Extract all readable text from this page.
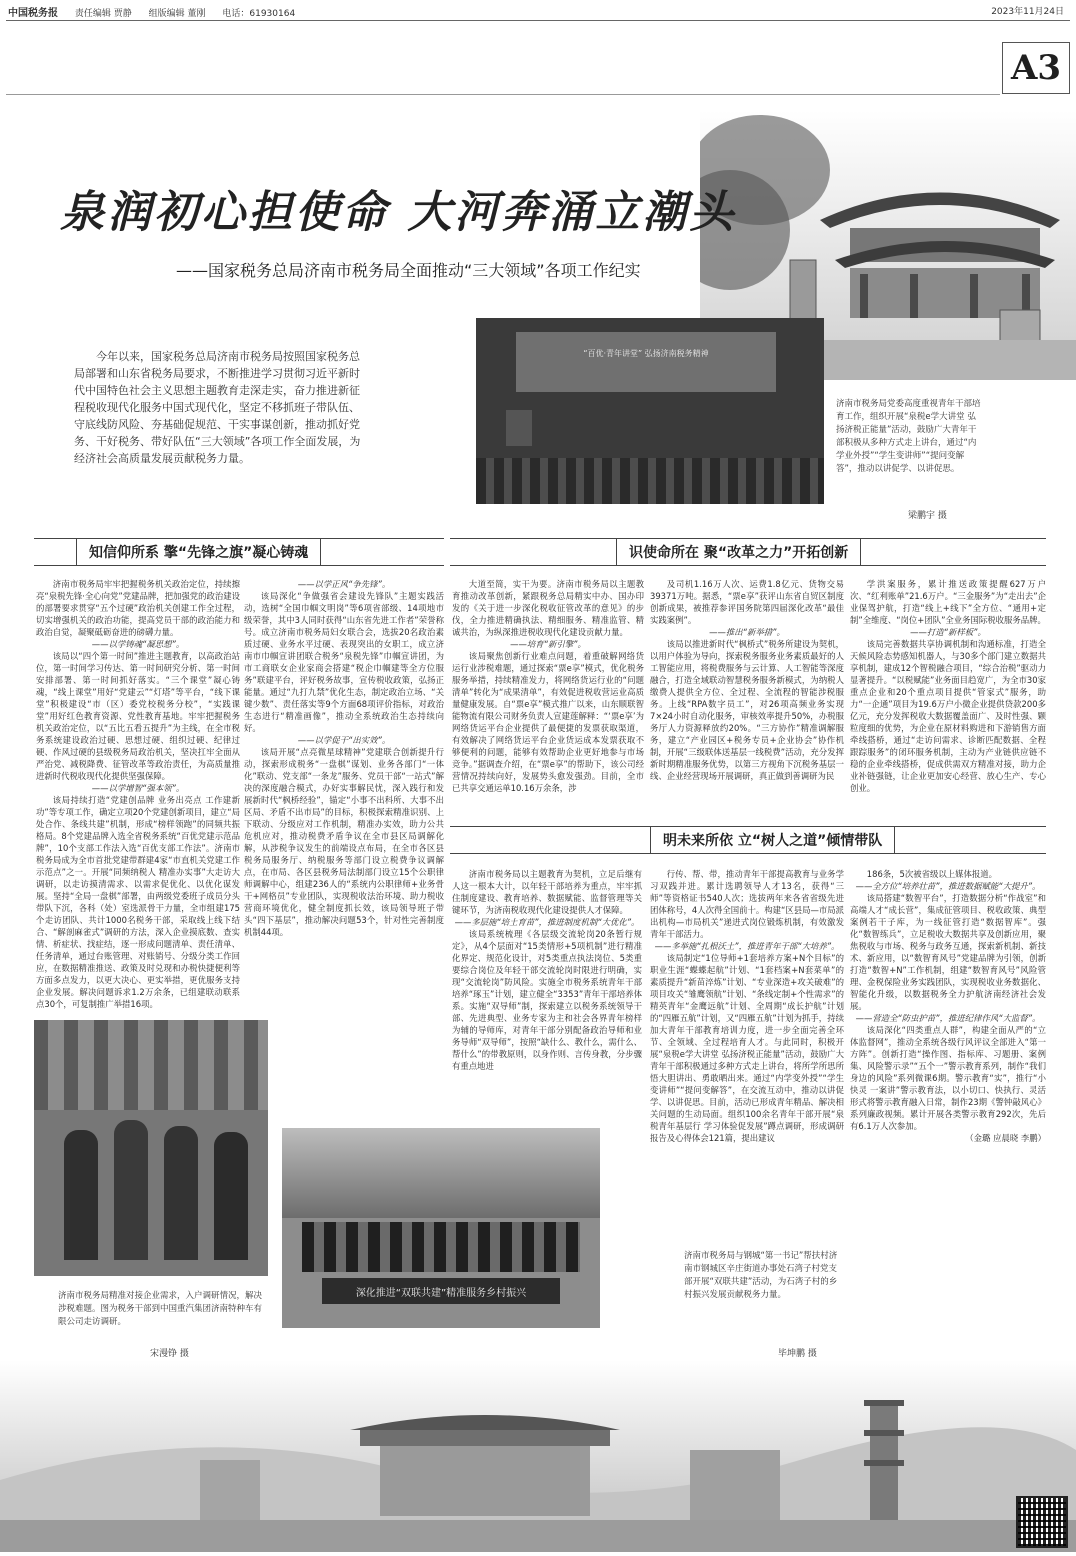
中国税务报 责任编辑 贾静 组版编辑 董刚 电话：61930164	2023年11月24日
A3
泉润初心担使命 大河奔涌立潮头
——国家税务总局济南市税务局全面推动“三大领域”各项工作纪实
今年以来，国家税务总局济南市税务局按照国家税务总局部署和山东省税务局要求，不断推进学习贯彻习近平新时代中国特色社会主义思想主题教育走深走实，奋力推进新征程税收现代化服务中国式现代化，坚定不移抓班子带队伍、守底线防风险、夯基础促规范、干实事谋创新，推动抓好党务、干好税务、带好队伍“三大领域”各项工作全面发展，为经济社会高质量发展贡献税务力量。
“百优·青年讲堂” 弘扬济南税务精神
济南市税务局党委高度重视青年干部培育工作，组织开展“泉税e学大讲堂 弘扬济税正能量”活动，鼓励广大青年干部积极从多种方式走上讲台，通过“内学业外授”“学生变讲师”“提问变解答”，推动以讲促学、以讲促思。
梁鹏宇 摄
知信仰所系 擎“先锋之旗”凝心铸魂	识使命所在 聚“改革之力”开拓创新
明未来所依 立“树人之道”倾情带队

济南市税务局牢牢把握税务机关政治定位，持续擦亮“泉税先锋·全心向党”党建品牌，把加强党的政治建设的部署要求贯穿“五个过硬”政治机关创建工作全过程，切实增强机关的政治功能，提高党员干部的政治能力和政治自觉，凝聚砥砺奋进的磅礴力量。

——以学铸魂“凝思想”。

该局以“四个第一时间”推进主题教育，以高政治站位，第一时间学习传达、第一时间研究分析、第一时间安排部署、第一时间抓好落实。“三个课堂”凝心铸魂，“线上课堂”用好“党建云”“灯塔”等平台，“线下课堂”积极建设“市（区）委党校税务分校”，“实践课堂”用好红色教育资源、党性教育基地。牢牢把握税务机关政治定位，以“五比五看五提升”为主线，在全市税务系统建设政治过硬、思想过硬、组织过硬、纪律过硬、作风过硬的县级税务局政治机关，坚决扛牢全面从严治党、减税降费、征管改革等政治责任，为高质量推进新时代税收现代化提供坚强保障。

——以学增智“强本领”。

该局持续打造“党建创品牌 业务出亮点 工作建新功”等专项工作，确定立项20个党建创新项目，建立“局处合作、条线共建”机制，形成“榜样领跑”的同频共振格局。8个党建品牌入选全省税务系统“百优党建示范品牌”，10个支部工作法入选“百优支部工作法”。济南市税务局成为全市首批党建带群建4家“市直机关党建工作示范点”之一。开展“同频纳税人 精准办实事”大走访大调研，以走访摸清需求、以需求促优化、以优化谋发展。坚持“全局一盘棋”部署，由两级党委班子成员分头带队下沉，各科（处）室选派骨干力量，全市组建175个走访团队、共计1000名税务干部，采取线上线下结合、“解剖麻雀式”调研的方法，深入企业摸底数、查实情、析症状、找症结，逐一形成问题清单、责任清单、任务清单，通过台账管理、对账销号、分级分类工作回应，在数据精准推送、政策及时兑现和办税快捷便利等方面多点发力，以更大决心、更实举措，更优服务支持企业发展。解决问题诉求1.2万余条，已组建联动联系点30个，可复制推广举措16项。

——以学正风“争先锋”。

该局深化“争做强省会建设先锋队”主题实践活动，选树“全国巾帼文明岗”等6项省部级、14项地市级荣誉，其中3人同时获得“山东省先进工作者”荣誉称号。成立济南市税务局妇女联合会，选拔20名政治素质过硬、业务水平过硬、表现突出的女职工，成立济南市巾帼宣讲团联合税务“泉税先锋”巾帼宣讲团，为市工商联女企业家商会搭建“税企巾帼建等全方位服务”联建平台，评好税务故事，宣传税收政策，弘扬正能量。通过“九打九禁”优化生态，制定政治立场、“关键少数”、责任落实等9个方面68项评价指标，对政治生态进行“精准画像”，推动全系统政治生态持续向好。

——以学促干“出实效”。

该局开展“点亮微星球精神”党建联合创新提升行动，探索形成税务“一盘棋”谋划、业务各部门“一体化”联动、党支部“一条龙”服务、党员干部“一站式”解决的深度融合模式，办好实事解民忧，深入践行和发展新时代“枫桥经验”，锚定“小事不出科所、大事不出区局、矛盾不出市局”的目标，积极探索精准识别、上下联动、分级应对工作机制，精准办实效，助力公共危机应对，推动税费矛盾争议在全市县区局调解化解，从涉税争议发生的前端设点布局，在全市各区县税务局服务厅、纳税服务等部门设立税费争议调解点，在市局、各区县税务局法制部门设立15个公职律师调解中心，组建236人的“系统内公职律师+业务骨干+网格员”专业团队，实现税收法治环境、助力税收营商环境优化，健全制度抓长效，该局领导班子带头“四下基层”，推动解决问题53个，针对性完善制度机制44项。

大道至简，实干为要。济南市税务局以主题教育推动改革创新，紧跟税务总局精实中办、国办印发的《关于进一步深化税收征管改革的意见》的步伐，全力推进精确执法、精细服务、精准监管、精诚共治，为纵深推进税收现代化建设贡献力量。

——培育“新引擎”。

该局聚焦创新行业难点问题，着重破解网络货运行业涉税难题，通过探索“票e享”模式，优化税务服务举措，持续精准发力，将网络货运行业的“问题清单”转化为“成果清单”，有效促进税收营运业高质量健康发展。自“票e享”模式推广以来，山东顺联智能物流有限公司财务负责人宣建莲解释：“‘票e享’为网络货运平台企业提供了最便捷的发票获取渠道，有效解决了网络货运平台企业货运成本发票获取不够便利的问题，能够有效帮助企业更好地参与市场竞争。”据调查介绍，在“票e享”的帮助下，该公司经营情况持续向好，发展势头愈发强劲。目前，全市已共享交通运单10.16万余条，涉

及司机1.16万人次、运费1.8亿元、货物交易39371万吨。据悉，“票e享”获评山东省自贸区制度创新成果，被推荐参评国务院第四届深化改革“最佳实践案例”。

——推出“新举措”。

该局以推进新时代“枫桥式”税务所建设为契机，以用户体验为导向，探索税务服务业务素质最好的人工智能应用，将税费服务与云计算、人工智能等深度融合，打造全域联动智慧税务服务新模式，为纳税人缴费人提供全方位、全过程、全流程的智能涉税服务。上线“RPA数字员工”，对26项高频业务实现7×24小时自动化服务，审核效率提升50%，办税服务厅人力资源释放约20%。“三方协作”精准调解服务，建立“产业园区+税务专员+企业协会”协作机制，开展“三级联体送基层一线税费”活动，充分发挥新时期精准服务优势，以第三方视角下沉税务基层一线、企业经营现场开展调研，真正做到善调研为民

学洪案服务，累计推送政策提醒627万户次、“红利账单”21.6万户。“三金服务”为“走出去”企业保驾护航，打造“线上+线下”全方位、“通用+定制”全维度、“岗位+团队”全业务国际税收服务品牌。

——打造“新样板”。

该局完善数据共享协调机制和沟通标准，打造全天候风险态势感知机器人，与30多个部门建立数据共享机制，建成12个智税融合项目，“综合治税”驱动力显著提升。“以税赋能”业务面目趋宽广，为全市30家重点企业和20个重点项目提供“管家式”服务，助力“一企通”项目为19.6万户小微企业提供贷款200多亿元，充分发挥税收大数据覆盖面广、及时性强、颗粒度细的优势，为企业在原材料购进和下游销售方面牵线搭桥，通过“走访问需求、诊断匹配数据、全程跟踪服务”的闭环服务机制，主动为产业链供应链不稳的企业牵线搭桥，促成供需双方精准对接，助力企业补链强链，让企业更加安心经营、放心生产、专心创业。

济南市税务局以主题教育为契机，立足后继有人这一根本大计，以年轻干部培养为重点，牢牢抓住制度建设、教育培养、数据赋能、监督管理等关键环节，为济南税收现代化建设提供人才保障。

——多层施“培土育苗”，推进制度机制“大优化”。

该局系统梳理《各层级交流轮岗20条暂行规定》，从4个层面对“15类情形+5项机制”进行精准化界定、规范化设计，对5类重点执法岗位、5类重要综合岗位及年轻干部交流轮岗时限进行明确，实现“交流轮岗”防风险。实施全市税务系统青年干部培养“琢玉”计划，建立健全“3353”青年干部培养体系。实施“双导师”制，探索建立以税务系统领导干部、先进典型、业务专家为主和社会各界青年榜样为辅的导师库，对青年干部分别配备政治导师和业务导师“双导师”，按照“缺什么、教什么，需什么、帮什么”的带教原则，以身作则、言传身教，分步骤有重点地进

行传、帮、带，推动青年干部提高教育与业务学习双践并进。累计选聘领导人才13名，获得“三师”等资格证书540人次；选拔两年来各省省级先进团体称号，4人次得全国前十。构建“区县局—市局派出机构—市局机关”递进式岗位锻炼机制，有效激发青年干部活力。

——多举施“扎根沃土”，推进青年干部“大培养”。

该局制定“1位导师+1套培养方案+N个目标”的职业生涯“蝶蝶起航”计划、“1套档案+N套菜单”的素质提升“新苗淬炼”计划、“专业深造+攻关破难”的项目攻关“雏鹰领航”计划、“条线定制+个性需求”的精英青年“金鹰远航”计划、全周期“成长护航”计划的“四雁五航”计划，又“四雁五航”计划为抓手，持续加大青年干部教育培训力度，进一步全面完善全环节、全领域、全过程培育人才。与此同时，积极开展“泉税e学大讲堂 弘扬济税正能量”活动，鼓励广大青年干部积极通过多种方式走上讲台，将所学所思所悟大胆讲出、勇敢晒出来。通过“内学变外授”“学生变讲师”“提问变解答”，在交流互动中，推动以讲促学、以讲促思。目前，活动已形成青年精品、解决相关问题的生动局面。组织100余名青年干部开展“泉税青年基层行 学习体验促发展”蹲点调研，形成调研报告及心得体会121篇，提出建议

186条，5次被省级以上媒体报道。

——全方位“培养壮苗”，推进数据赋能“大提升”。

该局搭建“数智平台”，打造数据分析“作战室”和高端人才“成长营”，集成征管项目、税收政策、典型案例若干子库，为一线征管打造“数据智库”。强化“数智练兵”，立足税收大数据共享及创新应用，聚焦税收与市场、税务与政务互通，探索新机制、新技术、新应用，以“数智育风号”党建品牌为引领，创新打造“数智+N”工作机制，组建“数智育风号”风险管理、金税保险业务实践团队，实现税收业务数据化、智能化升级，以数据税务全力护航济南经济社会发展。

——营造全“防虫护苗”，推进纪律作风“大监督”。

该局深化“四类重点人群”，构建全面从严的“立体监督网”，推动全系统各级行风评议全部进入“第一方阵”。创新打造“操作图、指标库、习题册、案例集、风险警示录”“五个一”警示教育系列，制作“我们身边的风险”系列微课6期。警示教育“实”，推行“小快灵 一案讲”警示教育法，以小切口、快执行、灵活形式将警示教育融入日常，制作23期《警钟敲风心》系列廉政视频。累计开展各类警示教育292次，先后有6.1万人次参加。

（金璐 应晨晓 李鹏）

济南市税务局精准对接企业需求，入户调研情况，解决涉税难题。图为税务干部到中国重汽集团济南特种车有限公司走访调研。
宋漫铮 摄
深化推进“双联共建”精准服务乡村振兴
济南市税务局与钢城“第一书记”帮扶村济南市钢城区辛庄街道办事处石湾子村党支部开展“双联共建”活动，为石湾子村的乡村振兴发展贡献税务力量。
毕坤鹏 摄
